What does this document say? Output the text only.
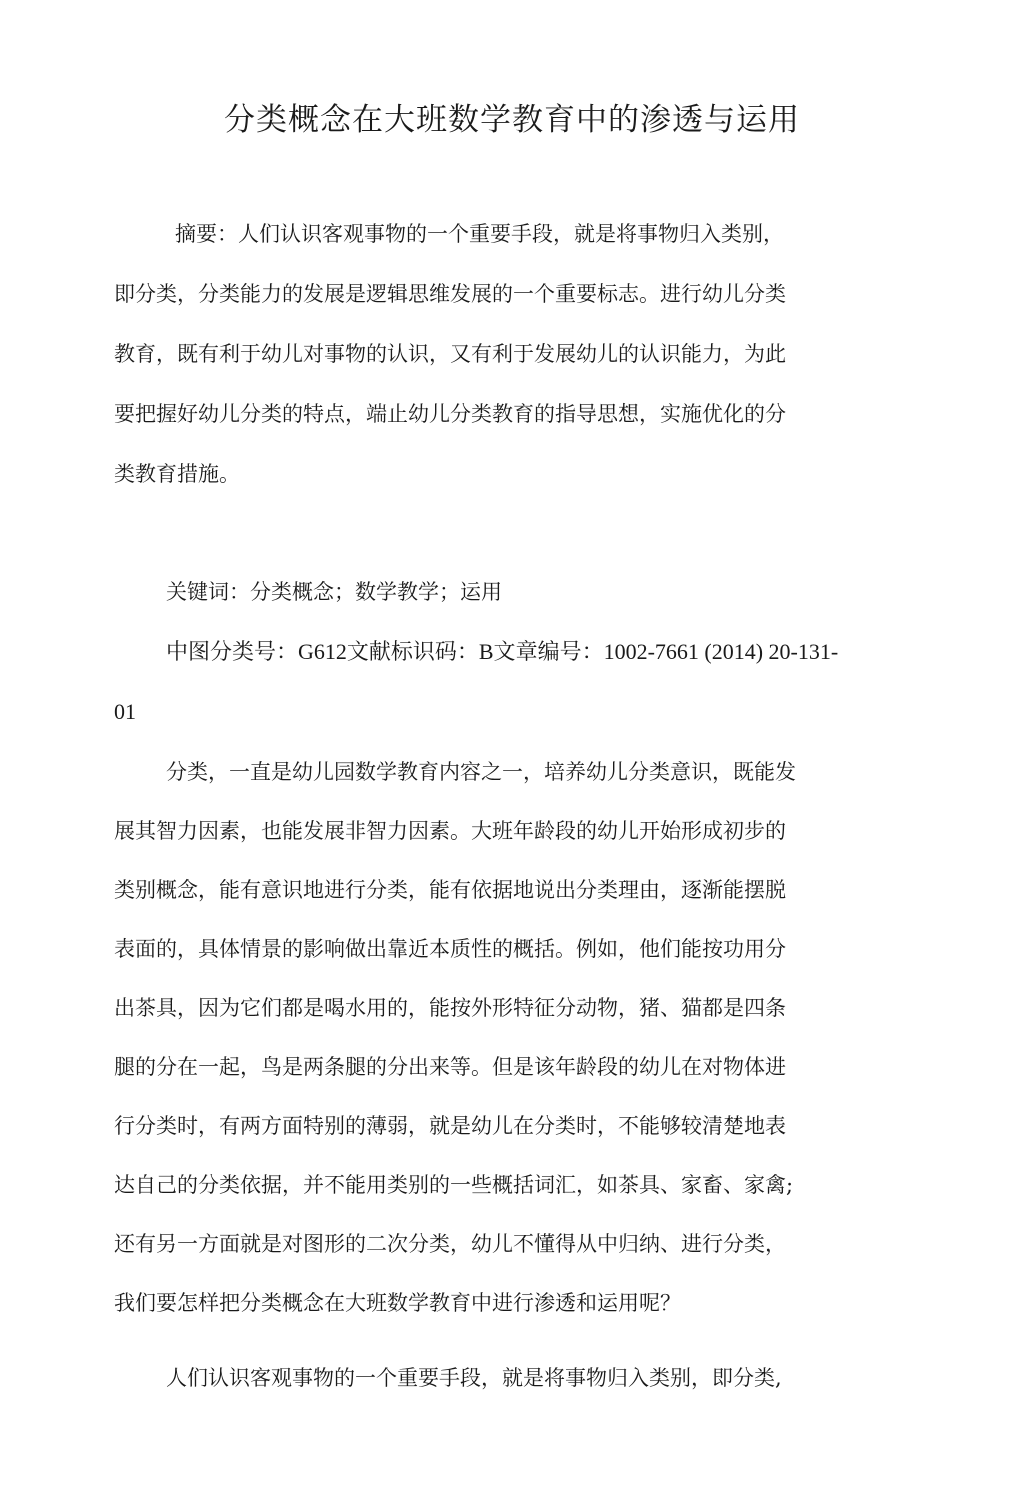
分类概念在大班数学教育中的渗透与运用

摘要：人们认识客观事物的一个重要手段，就是将事物归入类别，

即分类，分类能力的发展是逻辑思维发展的一个重要标志。进行幼儿分类

教育，既有利于幼儿对事物的认识，又有利于发展幼儿的认识能力，为此

要把握好幼儿分类的特点，端止幼儿分类教育的指导思想，实施优化的分

类教育措施。

关键词：分类概念；数学教学；运用

中图分类号：G612文献标识码：B文章编号：1002-7661 (2014) 20-131-

01

分类，一直是幼儿园数学教育内容之一，培养幼儿分类意识，既能发

展其智力因素，也能发展非智力因素。大班年龄段的幼儿开始形成初步的

类别概念，能有意识地进行分类，能有依据地说出分类理由，逐渐能摆脱

表面的，具体情景的影响做出靠近本质性的概括。例如，他们能按功用分

出茶具，因为它们都是喝水用的，能按外形特征分动物，猪、猫都是四条

腿的分在一起，鸟是两条腿的分出来等。但是该年龄段的幼儿在对物体进

行分类时，有两方面特别的薄弱，就是幼儿在分类时，不能够较清楚地表

达自己的分类依据，并不能用类别的一些概括词汇，如茶具、家畜、家禽;

还有另一方面就是对图形的二次分类，幼儿不懂得从中归纳、进行分类，

我们要怎样把分类概念在大班数学教育中进行渗透和运用呢？

人们认识客观事物的一个重要手段，就是将事物归入类别，即分类,
